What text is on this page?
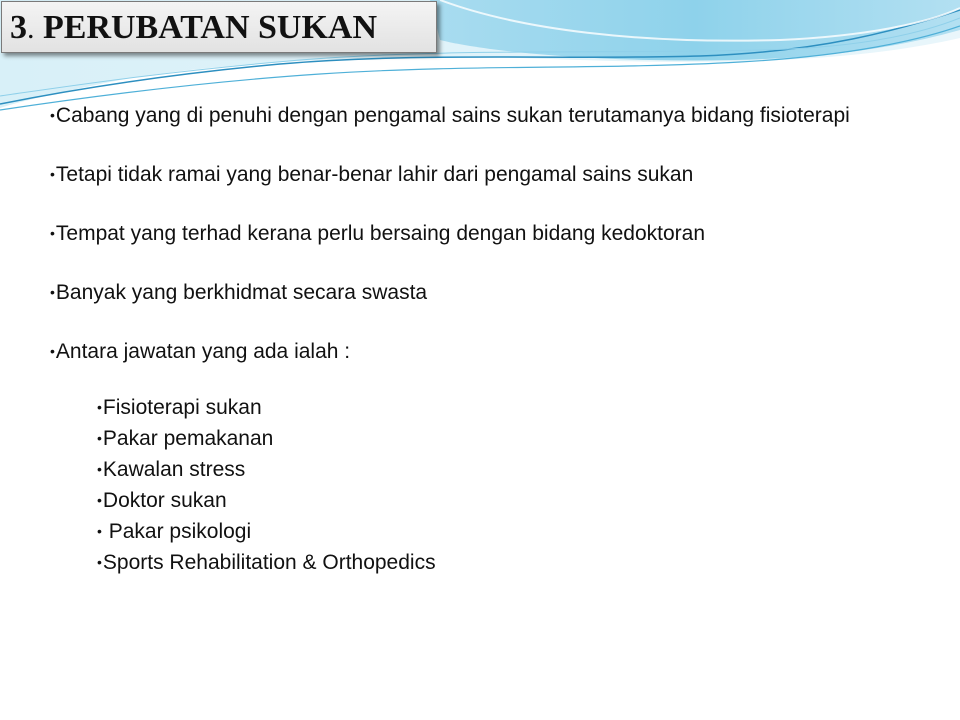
3. PERUBATAN SUKAN
•Cabang yang di penuhi dengan pengamal sains sukan terutamanya bidang fisioterapi
•Tetapi tidak ramai yang benar-benar lahir dari pengamal sains sukan
•Tempat yang terhad kerana perlu bersaing dengan bidang kedoktoran
•Banyak yang berkhidmat secara swasta
•Antara jawatan yang ada ialah :
•Fisioterapi sukan
•Pakar pemakanan
•Kawalan stress
•Doktor sukan
• Pakar psikologi
•Sports Rehabilitation & Orthopedics
